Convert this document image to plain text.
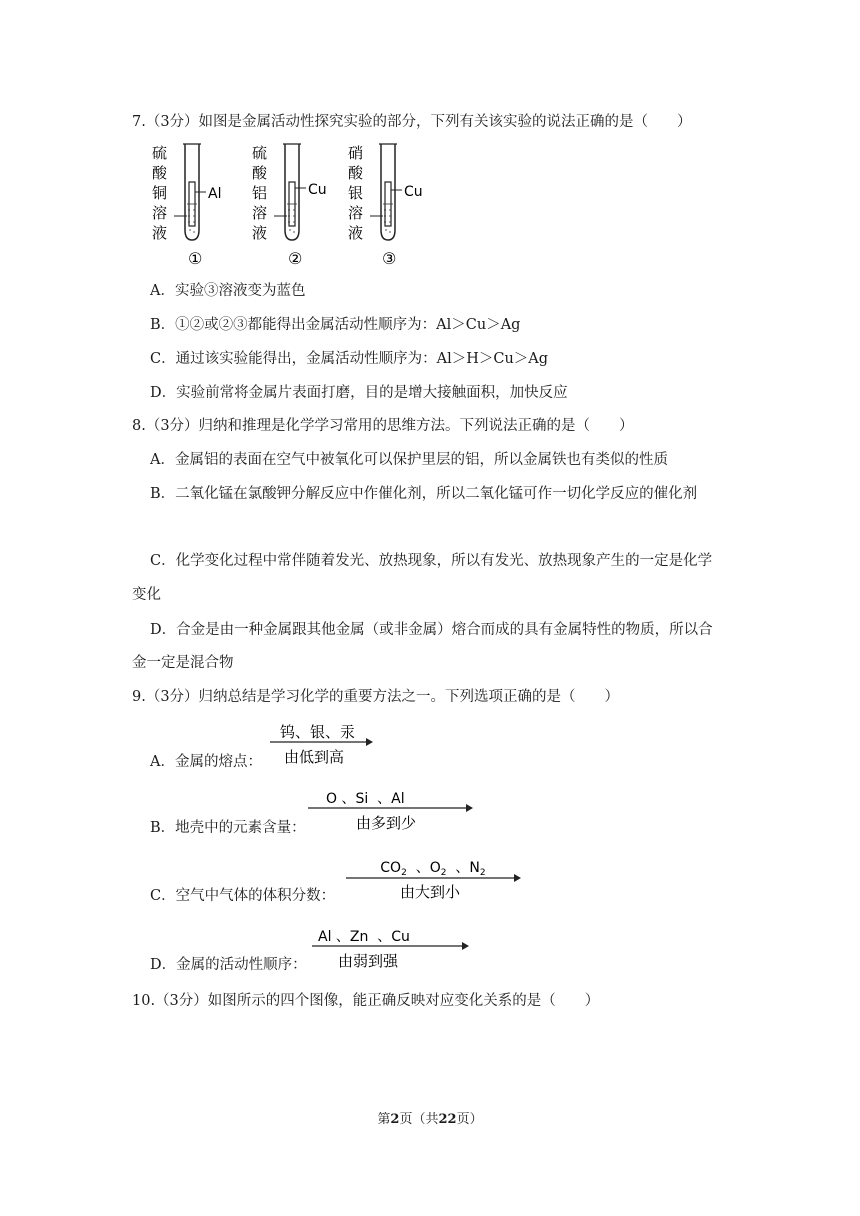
7.（3分）如图是金属活动性探究实验的部分，下列有关该实验的说法正确的是（　　）
硫
酸
铜
溶
液
Al
①
硫
酸
铝
溶
液
Cu
②
硝
酸
银
溶
液
Cu
③
A．实验③溶液变为蓝色
B．①②或②③都能得出金属活动性顺序为：Al＞Cu＞Ag
C．通过该实验能得出，金属活动性顺序为：Al＞H＞Cu＞Ag
D．实验前常将金属片表面打磨，目的是增大接触面积，加快反应
8.（3分）归纳和推理是化学学习常用的思维方法。下列说法正确的是（　　）
A．金属铝的表面在空气中被氧化可以保护里层的铝，所以金属铁也有类似的性质
B．二氧化锰在氯酸钾分解反应中作催化剂，所以二氧化锰可作一切化学反应的催化剂
C．化学变化过程中常伴随着发光、放热现象，所以有发光、放热现象产生的一定是化学
变化
D．合金是由一种金属跟其他金属（或非金属）熔合而成的具有金属特性的物质，所以合
金一定是混合物
9.（3分）归纳总结是学习化学的重要方法之一。下列选项正确的是（　　）
A．金属的熔点：
钨、银、汞
由低到高
B．地壳中的元素含量：
O 、Si  、Al
由多到少
C．空气中气体的体积分数：
$CO_2$  、$O_2$  、$N_2$
由大到小
D．金属的活动性顺序：
Al 、Zn  、Cu
由弱到强
10.（3分）如图所示的四个图像，能正确反映对应变化关系的是（　　）
第2页（共22页）
